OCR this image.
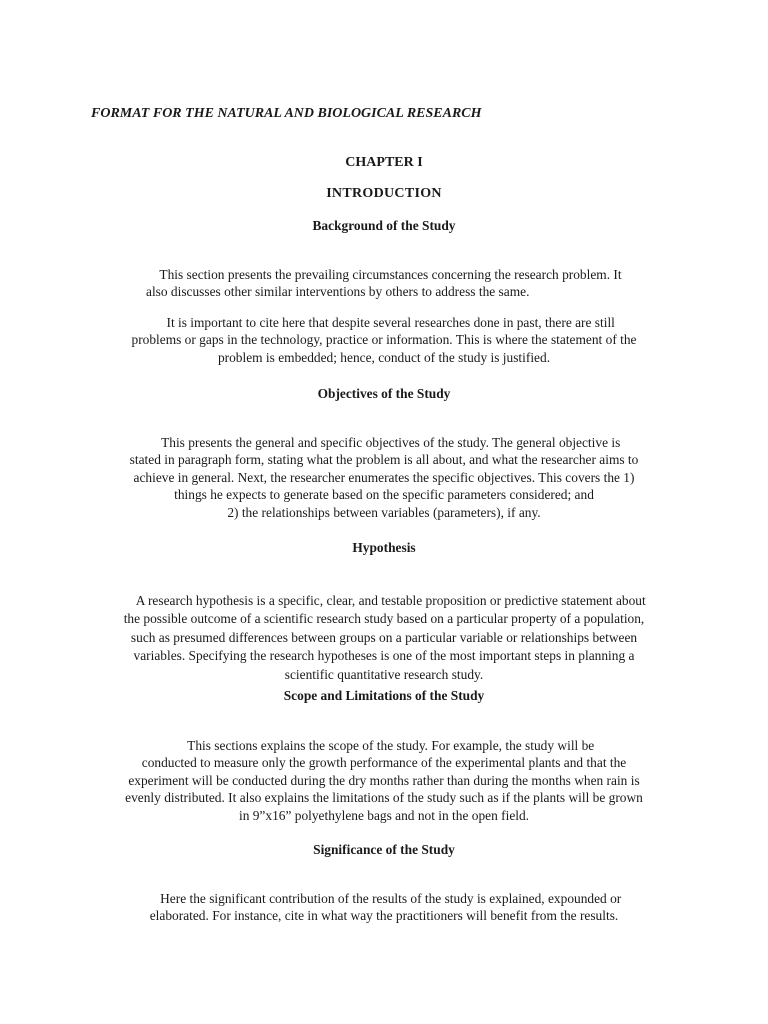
FORMAT FOR THE NATURAL AND BIOLOGICAL RESEARCH

CHAPTER I

INTRODUCTION

Background of the Study

This section presents the prevailing circumstances concerning the research problem. It
also discusses other similar interventions by others to address the same.

It is important to cite here that despite several researches done in past, there are still
problems or gaps in the technology, practice or information. This is where the statement of the
problem is embedded; hence, conduct of the study is justified.

Objectives of the Study

This presents the general and specific objectives of the study. The general objective is
stated in paragraph form, stating what the problem is all about, and what the researcher aims to
achieve in general. Next, the researcher enumerates the specific objectives. This covers the 1)
things he expects to generate based on the specific parameters considered; and
2) the relationships between variables (parameters), if any.

Hypothesis

A research hypothesis is a specific, clear, and testable proposition or predictive statement about
the possible outcome of a scientific research study based on a particular property of a population,
such as presumed differences between groups on a particular variable or relationships between
variables. Specifying the research hypotheses is one of the most important steps in planning a
scientific quantitative research study.

Scope and Limitations of the Study

This sections explains the scope of the study. For example, the study will be
conducted to measure only the growth performance of the experimental plants and that the
experiment will be conducted during the dry months rather than during the months when rain is
evenly distributed. It also explains the limitations of the study such as if the plants will be grown
in 9”x16” polyethylene bags and not in the open field.

Significance of the Study

Here the significant contribution of the results of the study is explained, expounded or
elaborated. For instance, cite in what way the practitioners will benefit from the results.
